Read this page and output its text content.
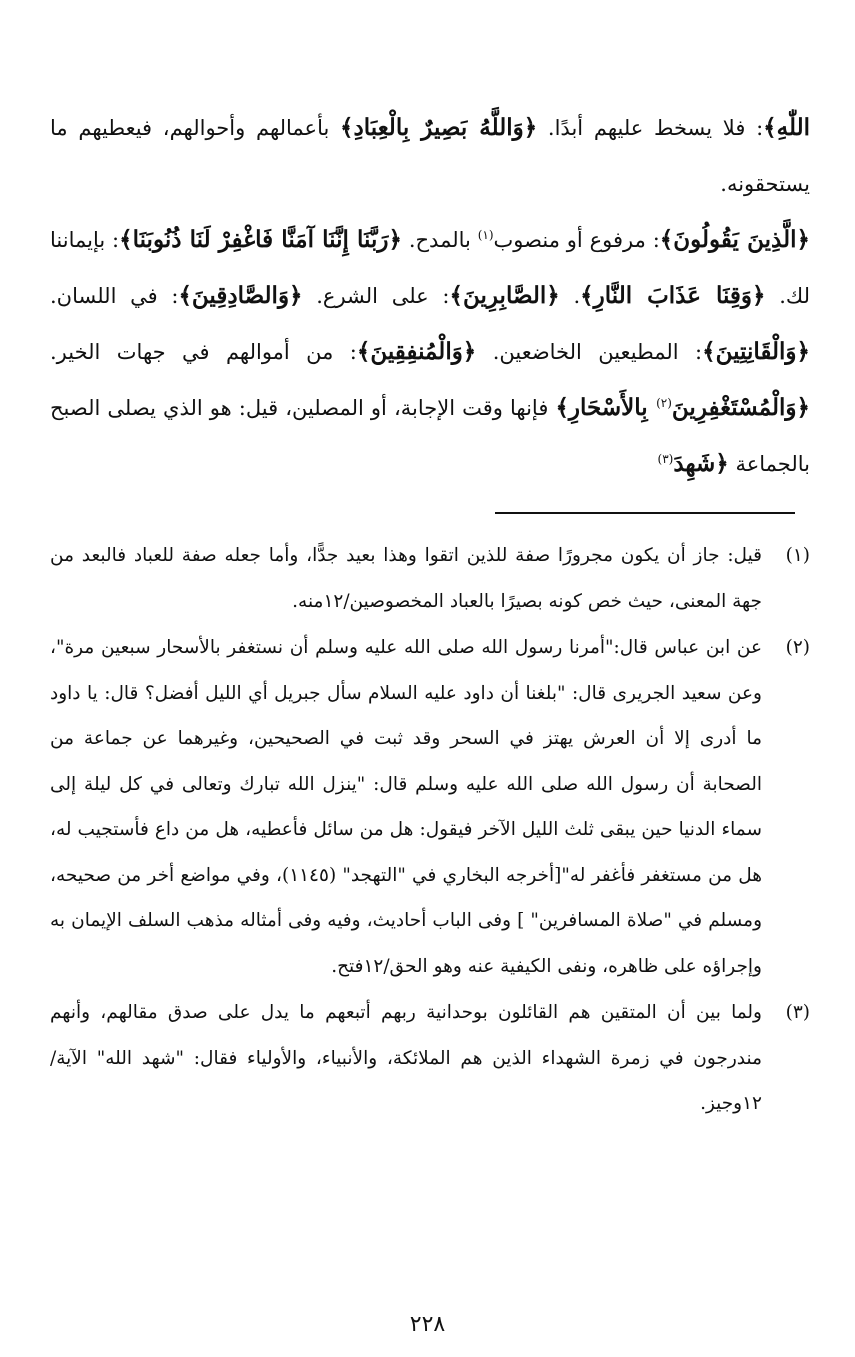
اللّٰهِ﴾: فلا يسخط عليهم أبدًا. ﴿وَاللَّهُ بَصِيرٌ بِالْعِبَادِ﴾ بأعمالهم وأحوالهم، فيعطيهم ما يستحقونه.

﴿الَّذِينَ يَقُولُونَ﴾: مرفوع أو منصوب$^{(١)}$ بالمدح. ﴿رَبَّنَا إِنَّنَا آمَنَّا فَاغْفِرْ لَنَا ذُنُوبَنَا﴾: بإيماننا لك. ﴿وَقِنَا عَذَابَ النَّارِ﴾. ﴿الصَّابِرِينَ﴾: على الشرع. ﴿وَالصَّادِقِينَ﴾: في اللسان. ﴿وَالْقَانِتِينَ﴾: المطيعين الخاضعين. ﴿وَالْمُنفِقِينَ﴾: من أموالهم في جهات الخير. ﴿وَالْمُسْتَغْفِرِينَ$^{(٢)}$ بِالأَسْحَارِ﴾ فإنها وقت الإجابة، أو المصلين، قيل: هو الذي يصلى الصبح بالجماعة ﴿شَهِدَ$^{(٣)}$

(١)
قيل: جاز أن يكون مجرورًا صفة للذين اتقوا وهذا بعيد جدًّا، وأما جعله صفة للعباد فالبعد من جهة المعنى، حيث خص كونه بصيرًا بالعباد المخصوصين/١٢منه.
(٢)
عن ابن عباس قال:"أمرنا رسول الله صلى الله عليه وسلم أن نستغفر بالأسحار سبعين مرة"، وعن سعيد الجريرى قال: "بلغنا أن داود عليه السلام سأل جبريل أي الليل أفضل؟ قال: يا داود ما أدرى إلا أن العرش يهتز في السحر وقد ثبت في الصحيحين، وغيرهما عن جماعة من الصحابة أن رسول الله صلى الله عليه وسلم قال: "ينزل الله تبارك وتعالى في كل ليلة إلى سماء الدنيا حين يبقى ثلث الليل الآخر فيقول: هل من سائل فأعطيه، هل من داع فأستجيب له، هل من مستغفر فأغفر له"[أخرجه البخاري في "التهجد" (١١٤٥)، وفي مواضع أخر من صحيحه، ومسلم في "صلاة المسافرين" ] وفى الباب أحاديث، وفيه وفى أمثاله مذهب السلف الإيمان به وإجراؤه على ظاهره، ونفى الكيفية عنه وهو الحق/١٢فتح.
(٣)
ولما بين أن المتقين هم القائلون بوحدانية ربهم أتبعهم ما يدل على صدق مقالهم، وأنهم مندرجون في زمرة الشهداء الذين هم الملائكة، والأنبياء، والأولياء فقال: "شهد الله" الآية/١٢وجيز.
٢٢٨
